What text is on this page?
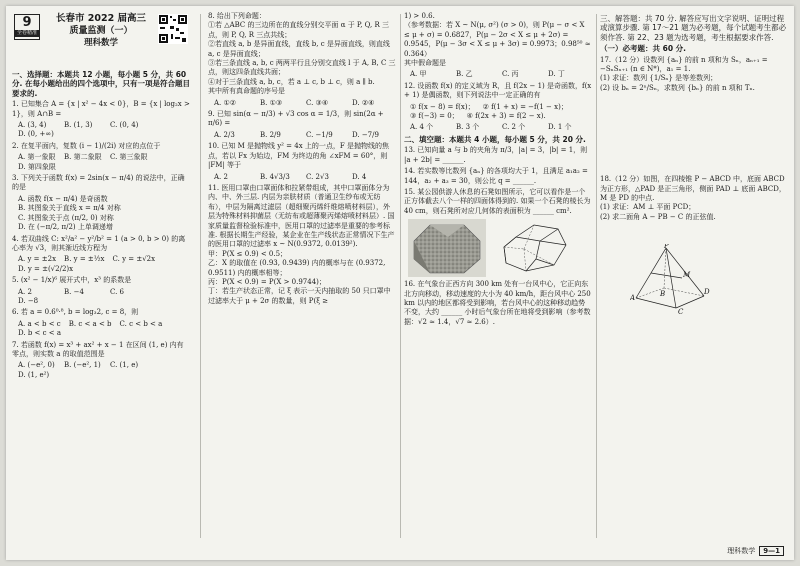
9
全卷精准
长春市 2022 届高三
质量监测（一）
理科数学
一、选择题：本题共 12 小题，每小题 5 分，共 60 分. 在每小题给出的四个选项中，只有一项是符合题目要求的.
1. 已知集合 A = {x | x² − 4x < 0}，B = {x | log₂x > 1}，则 A∩B =
A. (3, 4)	B. (1, 3)	C. (0, 4)
D. (0, +∞)
2. 在复平面内，复数 (i − 1)/(2i) 对应的点位于
A. 第一象限 B. 第二象限 C. 第三象限
D. 第四象限
3. 下列关于函数 f(x) = 2sin(x − π/4) 的说法中，正确的是
A. 函数 f(x − π/4) 是奇函数
B. 其图象关于直线 x = π/4 对称
C. 其图象关于点 (π/2, 0) 对称
D. 在 (−π/2, π/2) 上单调递增
4. 若双曲线 C: x²/a² − y²/b² = 1 (a > 0, b > 0) 的离心率为 √3，则其渐近线方程为
A. y = ±2x B. y = ±½x C. y = ±√2x
D. y = ±(√2/2)x
5. (x² − 1/x)⁶ 展开式中，x³ 的系数是
A. 2	B. −4	C. 6
D. −8
6. 若 a = 0.6⁰·⁸, b = log₃2, c = 8，则
A. a < b < c B. c < a < b C. c < b < a
D. b < c < a
7. 若函数 f(x) = x³ + ax² + x − 1 在区间 (1, e) 内有零点，则实数 a 的取值范围是
A. (−e², 0) B. (−e², 1) C. (1, e)
D. (1, e²)
8. 给出下列命题：
①若 △ABC 的三边所在的直线分别交平面 α 于 P, Q, R 三点，则 P, Q, R 三点共线；
②若直线 a, b 是异面直线，直线 b, c 是异面直线，则直线 a, c 是异面直线；
③若三条直线 a, b, c 两两平行且分别交直线 l 于 A, B, C 三点，则这四条直线共面；
④对于三条直线 a, b, c，若 a ⊥ c, b ⊥ c，则 a ∥ b.
其中所有真命题的序号是
A. ①②	B. ①③	C. ③④	D. ②④
9. 已知 sin(α − π/3) + √3 cos α = 1/3，则 sin(2α + π/6) =
A. 2/3	B. 2/9	C. −1/9	D. −7/9
10. 已知 M 是抛物线 y² = 4x 上的一点，F 是抛物线的焦点，若以 Fx 为始边，FM 为终边的角 ∠xFM = 60°，则 |FM| 等于
A. 2	B. 4√3/3	C. 2√3	D. 4
11. 医用口罩由口罩面体和拉紧带组成，其中口罩面体分为内、中、外三层. 内层为亲肤材质（普通卫生纱布或无纺布），中层为隔离过滤层（超细聚丙烯纤维熔喷材料层），外层为特殊材料抑菌层（无纺布或超薄聚丙烯熔喷材料层）. 国家质量监督检验标准中，医用口罩的过滤率是重要的参考标准. 根据长期生产经验，某企业在生产线状态正常情况下生产的医用口罩的过滤率 x ~ N(0.9372, 0.0139²).
甲：P(X ≤ 0.9) < 0.5；
乙：X 的取值在 (0.93, 0.9439) 内的概率与在 (0.9372, 0.9511) 内的概率相等；
丙：P(X < 0.9) = P(X > 0.9744)；
丁：若生产状态正常，记 ξ 表示一天内抽取的 50 只口罩中过滤率大于 μ + 2σ 的数量，则 P(ξ ≥
1) > 0.6.
（参考数据：若 X ~ N(μ, σ²) (σ > 0)，则 P(μ − σ < X ≤ μ + σ) = 0.6827，P(μ − 2σ < X ≤ μ + 2σ) = 0.9545，P(μ − 3σ < X ≤ μ + 3σ) = 0.9973；0.98⁵⁰ ≈ 0.364）
其中假命题是
A. 甲	B. 乙	C. 丙	D. 丁
12. 设函数 f(x) 的定义域为 R，且 f(2x − 1) 是奇函数，f(x + 1) 是偶函数，则下列说法中一定正确的有
① f(x − 8) = f(x)； ② f(1 + x) = −f(1 − x)；
③ f(−3) = 0； ④ f(2x + 3) = f(2 − x).
A. 4 个	B. 3 个	C. 2 个	D. 1 个
二、填空题：本题共 4 小题，每小题 5 分，共 20 分.
13. 已知向量 a 与 b 的夹角为 π/3，|a| = 3，|b| = 1，则 |a + 2b| = ______.
14. 若实数等比数列 {aₙ} 的各项均大于 1，且满足 a₁a₂ = 144，a₂ + a₃ = 30，则公比 q = ______.
15. 某公园供游人休息的石凳如图所示，它可以看作是一个正方体截去八个一样的四面体得到的. 如果一个石凳的棱长为 40 cm，则石凳所对应几何体的表面积为 ______ cm².
16. 在气象台正西方向 300 km 处有一台风中心，它正向东北方向移动，移动速度的大小为 40 km/h，距台风中心 250 km 以内的地区都将受到影响，若台风中心的这种移动趋势不变，大约 ______ 小时后气象台所在地将受到影响（参考数据：√2 ≈ 1.4，√7 ≈ 2.6）.
三、解答题：共 70 分. 解答应写出文字说明、证明过程或演算步骤. 第 17～21 题为必考题，每个试题考生都必须作答. 第 22、23 题为选考题，考生根据要求作答.
（一）必考题：共 60 分.
17.（12 分）设数列 {aₙ} 的前 n 项和为 Sₙ，aₙ₊₁ = −SₙSₙ₊₁ (n ∈ N*)，a₁ = 1.
(1) 求证：数列 {1/Sₙ} 是等差数列；
(2) 设 bₙ = 2ⁿ/Sₙ，求数列 {bₙ} 的前 n 项和 Tₙ.
18.（12 分）如图，在四棱锥 P − ABCD 中，底面 ABCD 为正方形，△PAD 是正三角形，侧面 PAD ⊥ 底面 ABCD，M 是 PD 的中点.
(1) 求证：AM ⊥ 平面 PCD；
(2) 求二面角 A − PB − C 的正弦值.
P
M
D
C
A	B
理科数学 9—1
